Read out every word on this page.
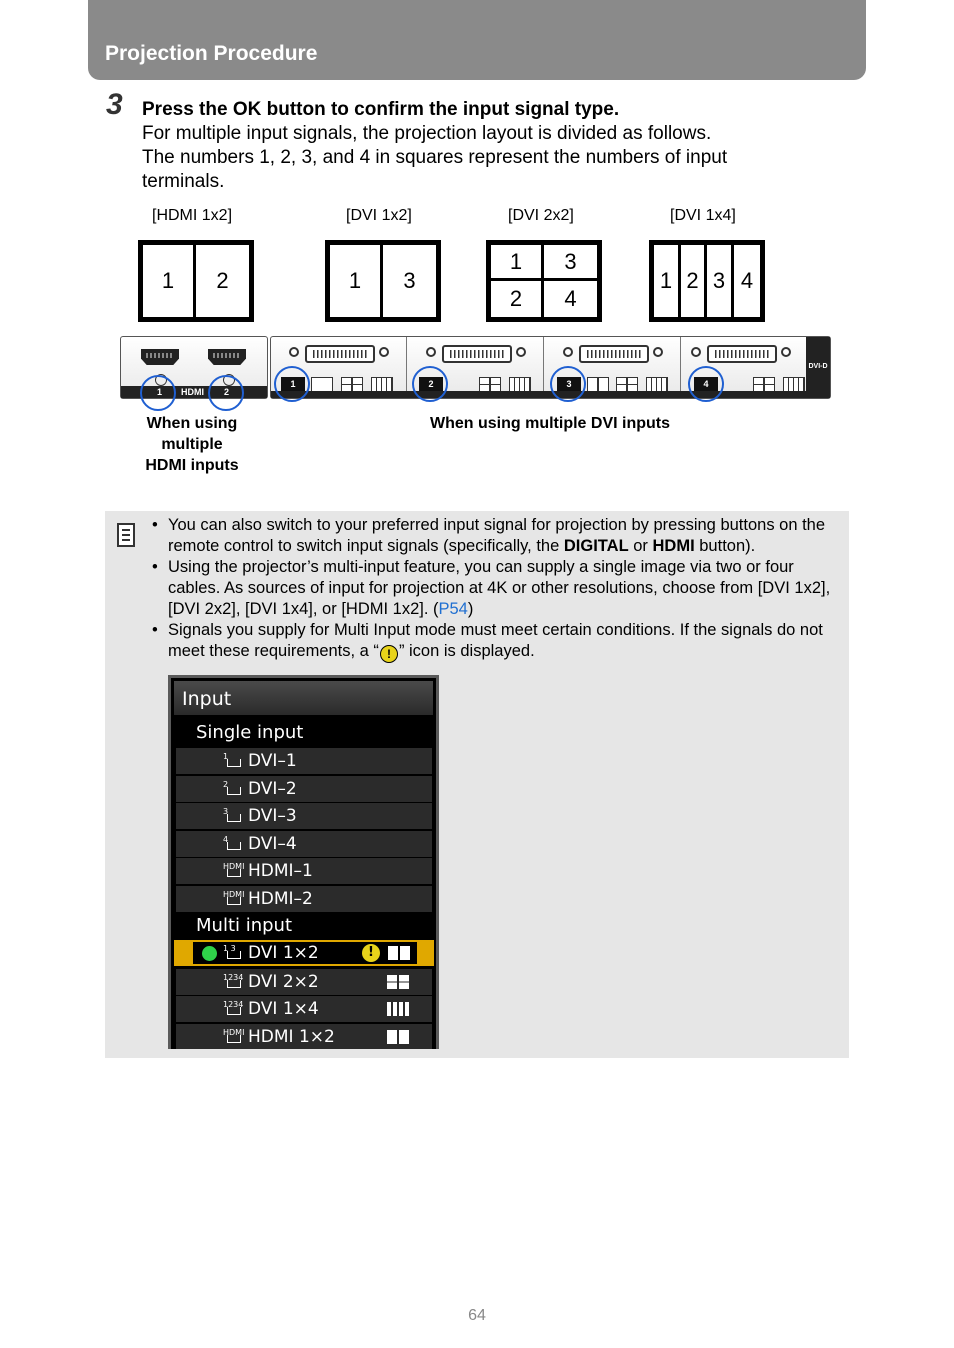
Projection Procedure
3 Press the OK button to confirm the input signal type.
For multiple input signals, the projection layout is divided as follows.
The numbers 1, 2, 3, and 4 in squares represent the numbers of input
terminals.
[HDMI 1x2]	[DVI 1x2]	[DVI 2x2]	[DVI 1x4]
1	2	1	3
1	3
2	4
1 2 3 4
1 HDMI 2
1	2	3	4
DVI-D
When using
multiple
HDMI inputs
When using multiple DVI inputs
• You can also switch to your preferred input signal for projection by pressing buttons on the remote control to switch input signals (specifically, the DIGITAL or HDMI button).
• Using the projector’s multi-input feature, you can supply a single image via two or four cables. As sources of input for projection at 4K or other resolutions, choose from [DVI 1x2], [DVI 2x2], [DVI 1x4], or [HDMI 1x2]. (P54)
• Signals you supply for Multi Input mode must meet certain conditions. If the signals do not meet these requirements, a “ ! ” icon is displayed.
Input
Single input
1	DVI–1
2	DVI–2
3	DVI–3
4	DVI–4
HDMI HDMI–1
HDMI HDMI–2
Multi input
1 3 DVI 1×2	!
1234 DVI 2×2
1234 DVI 1×4
HDMI HDMI 1×2
64
